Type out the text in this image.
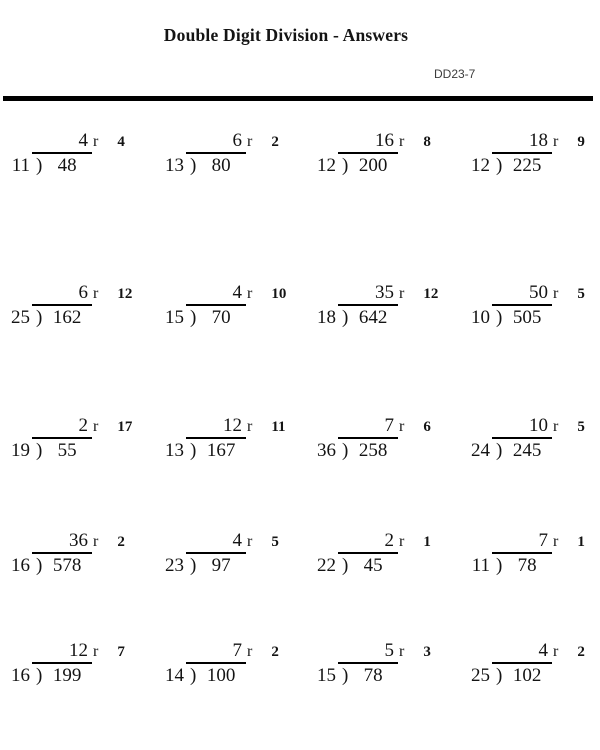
Double Digit Division - Answers
DD23-7
4 r 4
11 ) 48
6 r 2
13 ) 80
16 r 8
12 ) 200
18 r 9
12 ) 225
6 r 12
25 ) 162
4 r 10
15 ) 70
35 r 12
18 ) 642
50 r 5
10 ) 505
2 r 17
19 ) 55
12 r 11
13 ) 167
7 r 6
36 ) 258
10 r 5
24 ) 245
36 r 2
16 ) 578
4 r 5
23 ) 97
2 r 1
22 ) 45
7 r 1
11 ) 78
12 r 7
16 ) 199
7 r 2
14 ) 100
5 r 3
15 ) 78
4 r 2
25 ) 102
